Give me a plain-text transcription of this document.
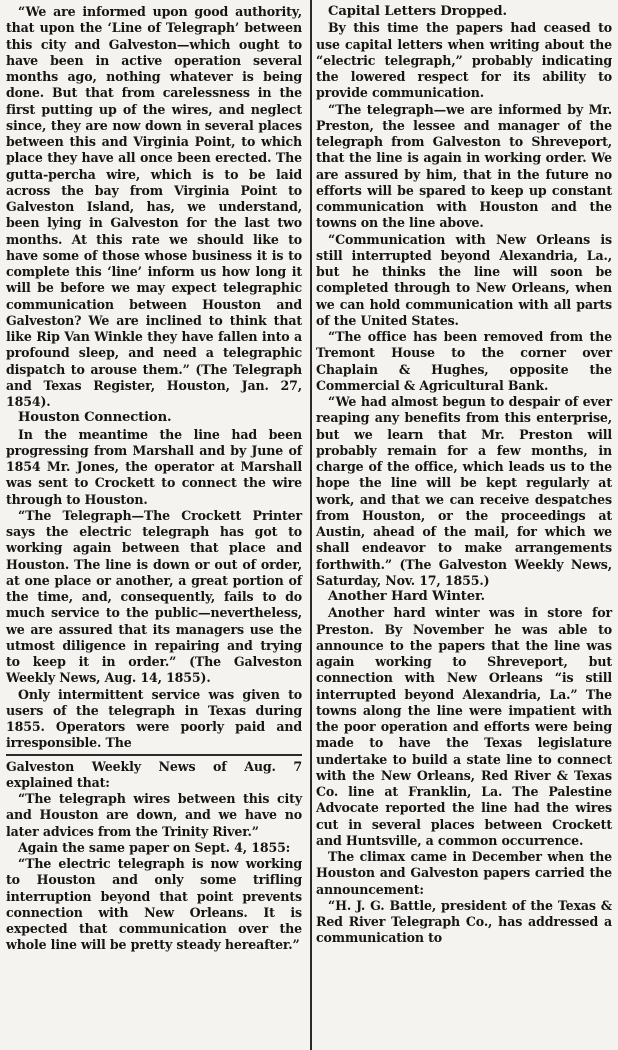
“We are informed upon good authority, that upon the ‘Line of Telegraph’ between this city and Galveston—which ought to have been in active operation several months ago, nothing whatever is being done. But that from carelessness in the first putting up of the wires, and neglect since, they are now down in several places between this and Virginia Point, to which place they have all once been erected. The gutta-percha wire, which is to be laid across the bay from Virginia Point to Galveston Island, has, we understand, been lying in Galveston for the last two months. At this rate we should like to have some of those whose business it is to complete this ‘line’ inform us how long it will be before we may expect telegraphic communication between Houston and Galveston? We are inclined to think that like Rip Van Winkle they have fallen into a profound sleep, and need a telegraphic dispatch to arouse them.” (The Telegraph and Texas Register, Houston, Jan. 27, 1854).

Houston Connection.

In the meantime the line had been progressing from Marshall and by June of 1854 Mr. Jones, the operator at Marshall was sent to Crockett to connect the wire through to Houston.

“The Telegraph—The Crockett Printer says the electric telegraph has got to working again between that place and Houston. The line is down or out of order, at one place or another, a great portion of the time, and, consequently, fails to do much service to the public—nevertheless, we are assured that its managers use the utmost diligence in repairing and trying to keep it in order.” (The Galveston Weekly News, Aug. 14, 1855).

Only intermittent service was given to users of the telegraph in Texas during 1855. Operators were poorly paid and irresponsible. The

Galveston Weekly News of Aug. 7 explained that:

“The telegraph wires between this city and Houston are down, and we have no later advices from the Trinity River.”

Again the same paper on Sept. 4, 1855:

“The electric telegraph is now working to Houston and only some trifling interruption beyond that point prevents connection with New Orleans. It is expected that communication over the whole line will be pretty steady hereafter.”

Capital Letters Dropped.

By this time the papers had ceased to use capital letters when writing about the “electric telegraph,” probably indicating the lowered respect for its ability to provide communication.

“The telegraph—we are informed by Mr. Preston, the lessee and manager of the telegraph from Galveston to Shreveport, that the line is again in working order. We are assured by him, that in the future no efforts will be spared to keep up constant communication with Houston and the towns on the line above.

“Communication with New Orleans is still interrupted beyond Alexandria, La., but he thinks the line will soon be completed through to New Orleans, when we can hold communication with all parts of the United States.

“The office has been removed from the Tremont House to the corner over Chaplain & Hughes, opposite the Commercial & Agricultural Bank.

“We had almost begun to despair of ever reaping any benefits from this enterprise, but we learn that Mr. Preston will probably remain for a few months, in charge of the office, which leads us to the hope the line will be kept regularly at work, and that we can receive despatches from Houston, or the proceedings at Austin, ahead of the mail, for which we shall endeavor to make arrangements forthwith.” (The Galveston Weekly News, Saturday, Nov. 17, 1855.)

Another Hard Winter.

Another hard winter was in store for Preston. By November he was able to announce to the papers that the line was again working to Shreveport, but connection with New Orleans “is still interrupted beyond Alexandria, La.” The towns along the line were impatient with the poor operation and efforts were being made to have the Texas legislature undertake to build a state line to connect with the New Orleans, Red River & Texas Co. line at Franklin, La. The Palestine Advocate reported the line had the wires cut in several places between Crockett and Huntsville, a common occurrence.

The climax came in December when the Houston and Galveston papers carried the announcement:

“H. J. G. Battle, president of the Texas & Red River Telegraph Co., has addressed a communication to
